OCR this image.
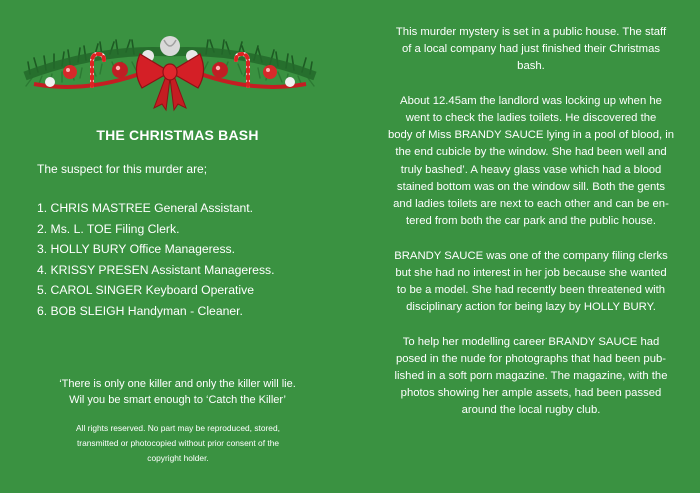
THE CHRISTMAS BASH
The suspect for this murder are;
1. CHRIS MASTREE General Assistant.
2. Ms. L. TOE Filing Clerk.
3. HOLLY BURY Office Manageress.
4. KRISSY PRESEN Assistant Manageress.
5. CAROL SINGER Keyboard Operative
6. BOB SLEIGH Handyman - Cleaner.
‘There is only one killer and only the killer will lie.
Wil you be smart enough to ‘Catch the Killer’
All rights reserved. No part may be reproduced, stored,
transmitted or photocopied without prior consent of the
copyright holder.

This murder mystery is set in a public house. The staff
of a local company had just finished their Christmas
bash.

About 12.45am the landlord was locking up when he
went to check the ladies toilets. He discovered the
body of Miss BRANDY SAUCE lying in a pool of blood, in
the end cubicle by the window. She had been well and
truly bashed’. A heavy glass vase which had a blood
stained bottom was on the window sill. Both the gents
and ladies toilets are next to each other and can be en-
tered from both the car park and the public house.

BRANDY SAUCE was one of the company filing clerks
but she had no interest in her job because she wanted
to be a model. She had recently been threatened with
disciplinary action for being lazy by HOLLY BURY.

To help her modelling career BRANDY SAUCE had
posed in the nude for photographs that had been pub-
lished in a soft porn magazine. The magazine, with the
photos showing her ample assets, had been passed
around the local rugby club.
